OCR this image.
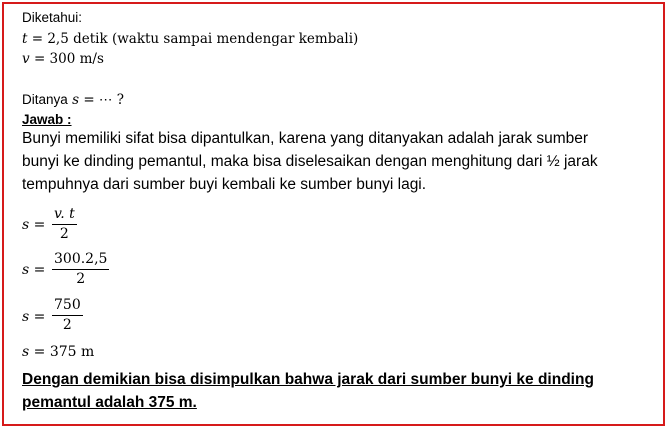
Diketahui:
t = 2,5 detik (waktu sampai mendengar kembali)
v = 300 m/s
Ditanya s = ⋯ ?
Jawab :
Bunyi memiliki sifat bisa dipantulkan, karena yang ditanyakan adalah jarak sumber
bunyi ke dinding pemantul, maka bisa diselesaikan dengan menghitung dari ½ jarak
tempuhnya dari sumber buyi kembali ke sumber bunyi lagi.
$s = \frac{v. t}{2}$
$s = \frac{300.2,5}{2}$
$s = \frac{750}{2}$
s = 375 m
Dengan demikian bisa disimpulkan bahwa jarak dari sumber bunyi ke dinding
pemantul adalah 375 m.
